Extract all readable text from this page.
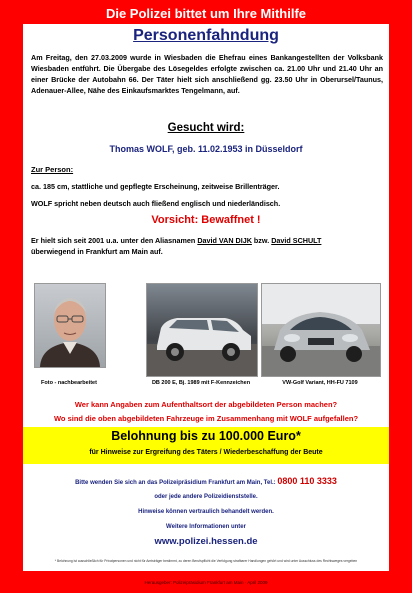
Die Polizei bittet um Ihre Mithilfe
Personenfahndung
Am Freitag, den 27.03.2009 wurde in Wiesbaden die Ehefrau eines Bankangestellten der Volksbank Wiesbaden entführt. Die Übergabe des Lösegeldes erfolgte zwischen ca. 21.00 Uhr und 21.40 Uhr an einer Brücke der Autobahn 66. Der Täter hielt sich anschließend gg. 23.50 Uhr in Oberursel/Taunus, Adenauer-Allee, Nähe des Einkaufsmarktes Tengelmann, auf.
Gesucht wird:
Thomas WOLF, geb. 11.02.1953 in Düsseldorf
Zur Person:
ca. 185 cm, stattliche und gepflegte Erscheinung, zeitweise Brillenträger.
WOLF spricht neben deutsch auch fließend englisch und niederländisch.
Vorsicht: Bewaffnet !
Er hielt sich seit 2001 u.a. unter den Aliasnamen David VAN DIJK bzw. David SCHULT
überwiegend in Frankfurt am Main auf.
Foto - nachbearbeitet	DB 200 E, Bj. 1989 mit F-Kennzeichen	VW-Golf Variant, HH-FU 7109
Wer kann Angaben zum Aufenthaltsort der abgebildeten Person machen?
Wo sind die oben abgebildeten Fahrzeuge im Zusammenhang mit WOLF aufgefallen?
Belohnung bis zu 100.000 Euro*
für Hinweise zur Ergreifung des Täters / Wiederbeschaffung der Beute
Bitte wenden Sie sich an das Polizeipräsidium Frankfurt am Main, Tel.: 0800 110 3333
oder jede andere Polizeidienststelle.
Hinweise können vertraulich behandelt werden.
Weitere Informationen unter
www.polizei.hessen.de
* Belohnung ist ausschließlich für Privatpersonen und nicht für Amtsträger bestimmt, zu deren Berufspflicht die Verfolgung strafbarer Handlungen gehört und wird unter Ausschluss des Rechtsweges vergeben
Herausgeber: Polizeipräsidium Frankfurt am Main · April 2009
